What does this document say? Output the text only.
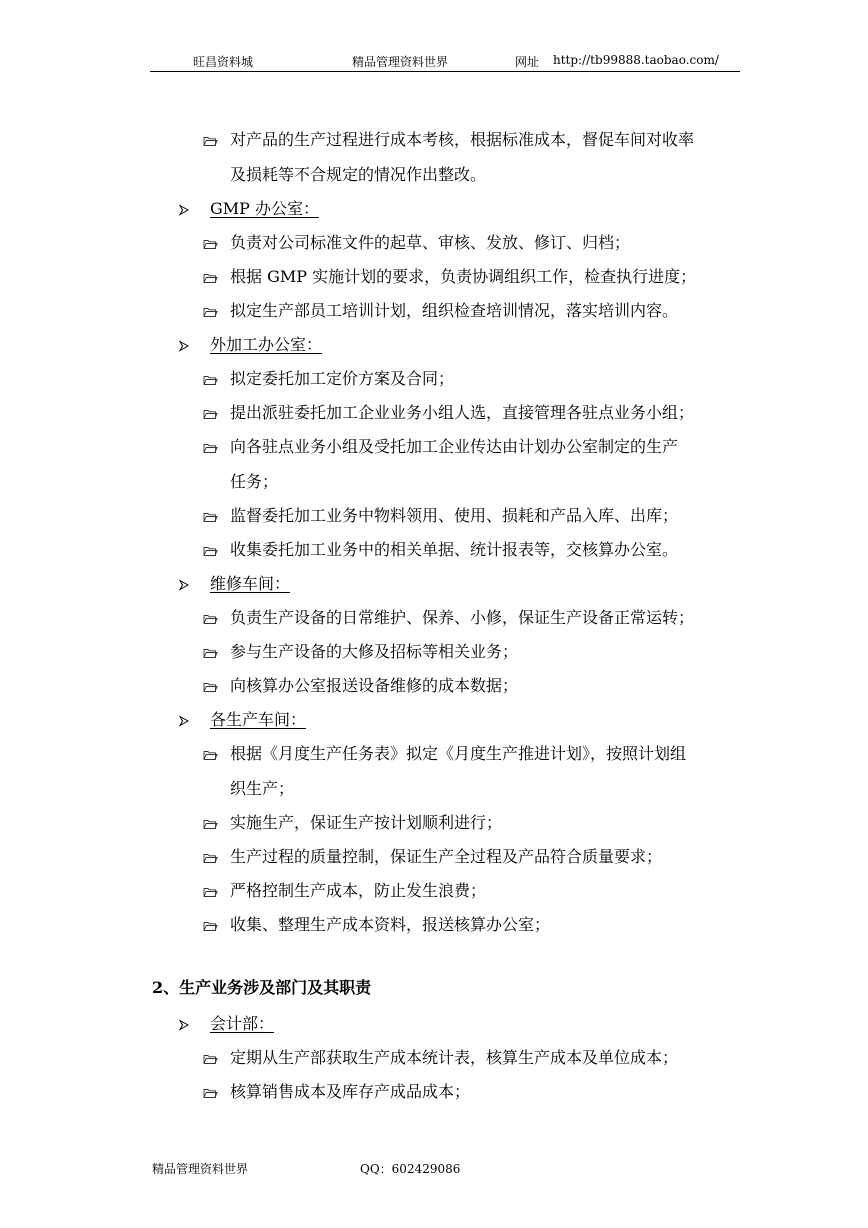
旺昌资料城	精品管理资料世界	网址 http://tb99888.taobao.com/
对产品的生产过程进行成本考核，根据标准成本，督促车间对收率
及损耗等不合规定的情况作出整改。
GMP 办公室：
负责对公司标准文件的起草、审核、发放、修订、归档；
根据 GMP 实施计划的要求，负责协调组织工作，检查执行进度；
拟定生产部员工培训计划，组织检查培训情况，落实培训内容。
外加工办公室：
拟定委托加工定价方案及合同；
提出派驻委托加工企业业务小组人选，直接管理各驻点业务小组；
向各驻点业务小组及受托加工企业传达由计划办公室制定的生产
任务；
监督委托加工业务中物料领用、使用、损耗和产品入库、出库；
收集委托加工业务中的相关单据、统计报表等，交核算办公室。
维修车间：
负责生产设备的日常维护、保养、小修，保证生产设备正常运转；
参与生产设备的大修及招标等相关业务；
向核算办公室报送设备维修的成本数据；
各生产车间：
根据《月度生产任务表》拟定《月度生产推进计划》，按照计划组
织生产；
实施生产，保证生产按计划顺利进行；
生产过程的质量控制，保证生产全过程及产品符合质量要求；
严格控制生产成本，防止发生浪费；
收集、整理生产成本资料，报送核算办公室；
2、生产业务涉及部门及其职责
会计部：
定期从生产部获取生产成本统计表，核算生产成本及单位成本；
核算销售成本及库存产成品成本；
精品管理资料世界	QQ：602429086
